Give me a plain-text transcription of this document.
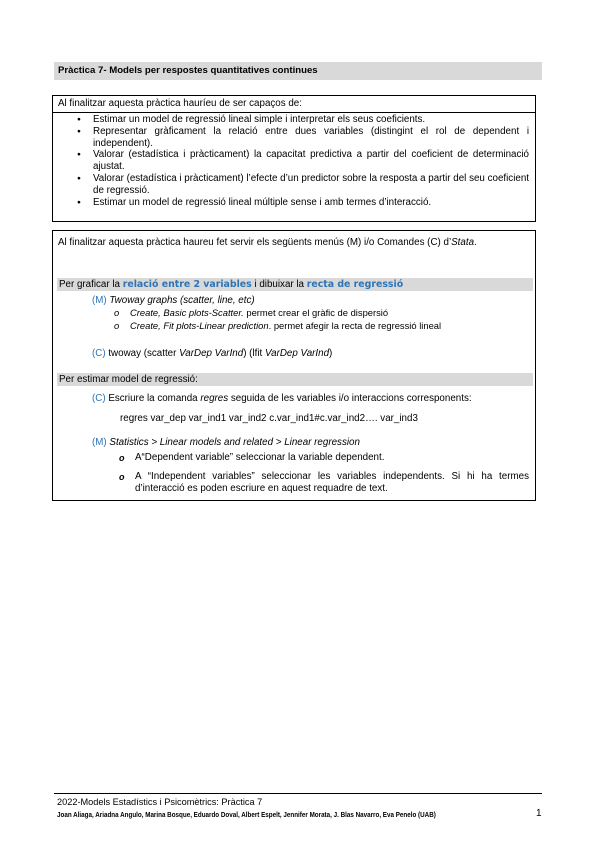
Pràctica 7- Models per respostes quantitatives continues
Al finalitzar aquesta pràctica hauríeu de ser capaços de:
● Estimar un model de regressió lineal simple i interpretar els seus coeficients.
● Representar gràficament la relació entre dues variables (distingint el rol de dependent i independent).
● Valorar (estadística i pràcticament) la capacitat predictiva a partir del coeficient de determinació ajustat.
● Valorar (estadística i pràcticament) l’efecte d’un predictor sobre la resposta a partir del seu coeficient de regressió.
● Estimar un model de regressió lineal múltiple sense i amb termes d’interacció.
Al finalitzar aquesta pràctica haureu fet servir els següents menús (M) i/o Comandes (C) d’Stata.
Per graficar la relació entre 2 variables i dibuixar la recta de regressió
(M) Twoway graphs (scatter, line, etc)
o Create, Basic plots-Scatter. permet crear el gràfic de dispersió
o Create, Fit plots-Linear prediction. permet afegir la recta de regressió lineal
(C) twoway (scatter VarDep VarInd) (lfit VarDep VarInd)
Per estimar model de regressió:
(C) Escriure la comanda regres seguida de les variables i/o interaccions corresponents:
regres var_dep var_ind1 var_ind2 c.var_ind1#c.var_ind2…. var_ind3
(M) Statistics > Linear models and related > Linear regression
o A“Dependent variable” seleccionar la variable dependent.
o A “Independent variables” seleccionar les variables independents. Si hi ha termes d’interacció es poden escriure en aquest requadre de text.
2022-Models Estadístics i Psicomètrics: Pràctica 7
Joan Aliaga, Ariadna Angulo, Marina Bosque, Eduardo Doval, Albert Espelt, Jennifer Morata, J. Blas Navarro, Eva Penelo (UAB)	1
